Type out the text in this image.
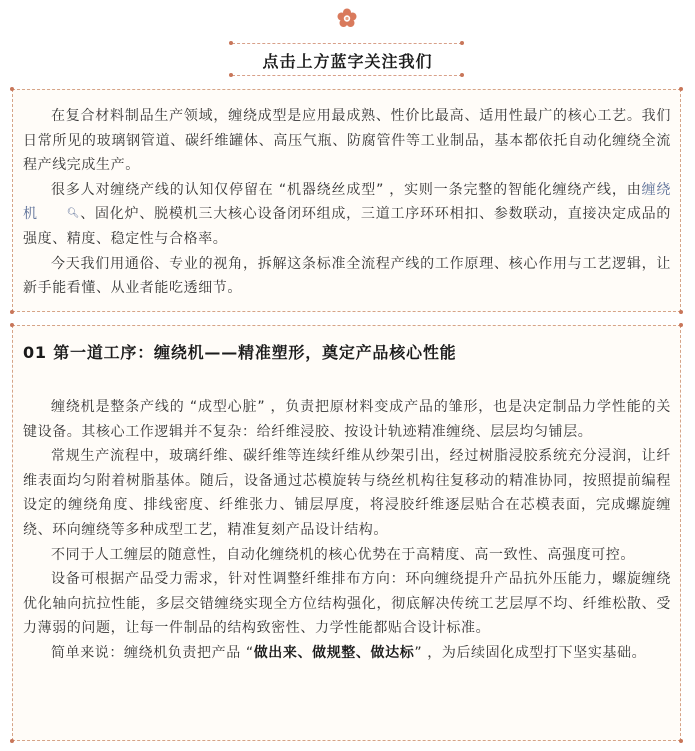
点击上方蓝字关注我们

在复合材料制品生产领域，缠绕成型是应用最成熟、性价比最高、适用性最广的核心工艺。我们日常所见的玻璃钢管道、碳纤维罐体、高压气瓶、防腐管件等工业制品，基本都依托自动化缠绕全流程产线完成生产。

很多人对缠绕产线的认知仅停留在 “机器绕丝成型” ，实则一条完整的智能化缠绕产线，由缠绕机	🔍︎、固化炉、脱模机三大核心设备闭环组成，三道工序环环相扣、参数联动，直接决定成品的强度、精度、稳定性与合格率。

今天我们用通俗、专业的视角，拆解这条标准全流程产线的工作原理、核心作用与工艺逻辑，让新手能看懂、从业者能吃透细节。

01 第一道工序：缠绕机——精准塑形，奠定产品核心性能

缠绕机是整条产线的 “成型心脏” ，负责把原材料变成产品的雏形，也是决定制品力学性能的关键设备。其核心工作逻辑并不复杂：给纤维浸胶、按设计轨迹精准缠绕、层层均匀铺层。

常规生产流程中，玻璃纤维、碳纤维等连续纤维从纱架引出，经过树脂浸胶系统充分浸润，让纤维表面均匀附着树脂基体。随后，设备通过芯模旋转与绕丝机构往复移动的精准协同，按照提前编程设定的缠绕角度、排线密度、纤维张力、铺层厚度，将浸胶纤维逐层贴合在芯模表面，完成螺旋缠绕、环向缠绕等多种成型工艺，精准复刻产品设计结构。

不同于人工缠层的随意性，自动化缠绕机的核心优势在于高精度、高一致性、高强度可控。

设备可根据产品受力需求，针对性调整纤维排布方向：环向缠绕提升产品抗外压能力，螺旋缠绕优化轴向抗拉性能，多层交错缠绕实现全方位结构强化，彻底解决传统工艺层厚不均、纤维松散、受力薄弱的问题，让每一件制品的结构致密性、力学性能都贴合设计标准。

简单来说：缠绕机负责把产品 “做出来、做规整、做达标” ，为后续固化成型打下坚实基础。
